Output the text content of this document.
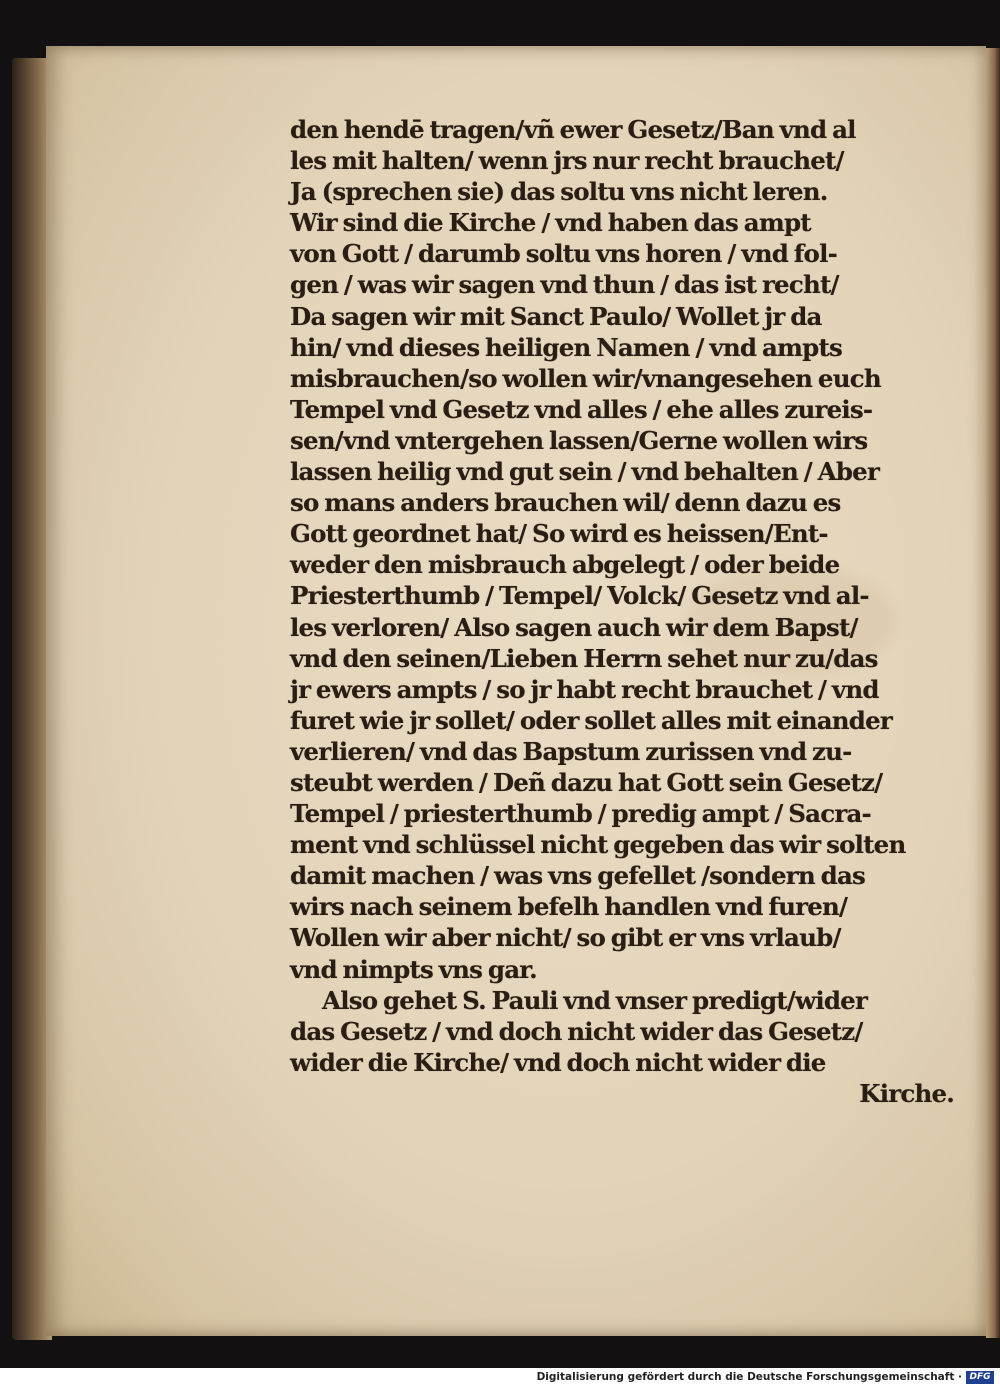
den hendē tragen/vñ ewer Gesetz/Ban vnd al
les mit halten/ wenn jrs nur recht brauchet/
Ja (sprechen sie) das soltu vns nicht leren.
Wir sind die Kirche / vnd haben das ampt
von Gott / darumb soltu vns horen / vnd fol-
gen / was wir sagen vnd thun / das ist recht/
Da sagen wir mit Sanct Paulo/ Wollet jr da
hin/ vnd dieses heiligen Namen / vnd ampts
misbrauchen/so wollen wir/vnangesehen euch
Tempel vnd Gesetz vnd alles / ehe alles zureis-
sen/vnd vntergehen lassen/Gerne wollen wirs
lassen heilig vnd gut sein / vnd behalten / Aber
so mans anders brauchen wil/ denn dazu es
Gott geordnet hat/ So wird es heissen/Ent-
weder den misbrauch abgelegt / oder beide
Priesterthumb / Tempel/ Volck/ Gesetz vnd al-
les verloren/ Also sagen auch wir dem Bapst/
vnd den seinen/Lieben Herrn sehet nur zu/das
jr ewers ampts / so jr habt recht brauchet / vnd
furet wie jr sollet/ oder sollet alles mit einander
verlieren/ vnd das Bapstum zurissen vnd zu-
steubt werden / Deñ dazu hat Gott sein Gesetz/
Tempel / priesterthumb / predig ampt / Sacra-
ment vnd schlüssel nicht gegeben das wir solten
damit machen / was vns gefellet /sondern das
wirs nach seinem befelh handlen vnd furen/
Wollen wir aber nicht/ so gibt er vns vrlaub/
vnd nimpts vns gar.
Also gehet S. Pauli vnd vnser predigt/wider
das Gesetz / vnd doch nicht wider das Gesetz/
wider die Kirche/ vnd doch nicht wider die
Kirche.
Digitalisierung gefördert durch die Deutsche Forschungsgemeinschaft · DFG
